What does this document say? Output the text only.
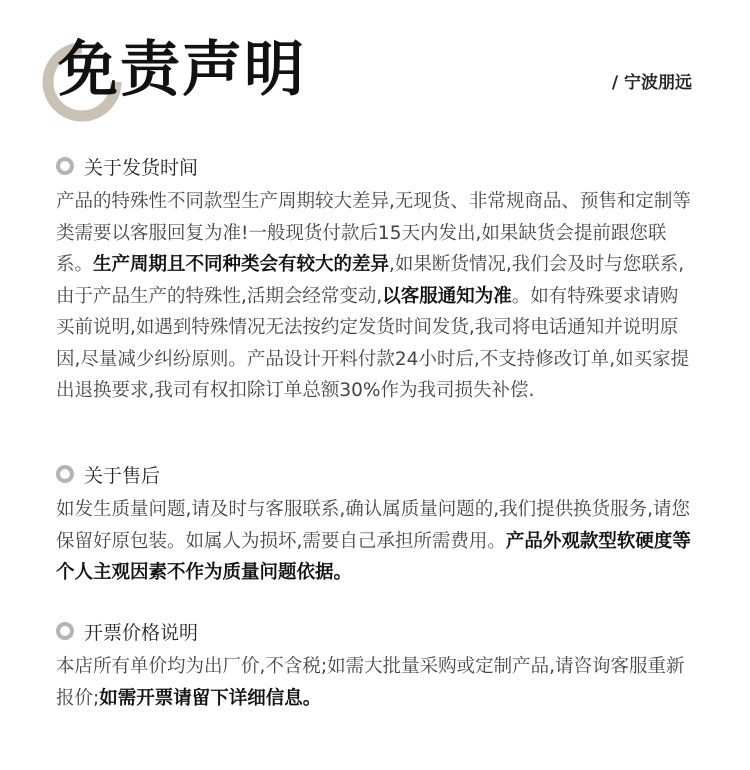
免责声明	/ 宁波朋远
关于发货时间
产品的特殊性不同款型生产周期较大差异,无现货、非常规商品、预售和定制等类需要以客服回复为准!一般现货付款后15天内发出,如果缺货会提前跟您联系。生产周期且不同种类会有较大的差异,如果断货情况,我们会及时与您联系,由于产品生产的特殊性,活期会经常变动,以客服通知为准。如有特殊要求请购买前说明,如遇到特殊情况无法按约定发货时间发货,我司将电话通知并说明原因,尽量减少纠纷原则。产品设计开料付款24小时后,不支持修改订单,如买家提出退换要求,我司有权扣除订单总额30%作为我司损失补偿.
关于售后
如发生质量问题,请及时与客服联系,确认属质量问题的,我们提供换货服务,请您保留好原包装。如属人为损坏,需要自己承担所需费用。产品外观款型软硬度等个人主观因素不作为质量问题依据。
开票价格说明
本店所有单价均为出厂价,不含税;如需大批量采购或定制产品,请咨询客服重新报价;如需开票请留下详细信息。
